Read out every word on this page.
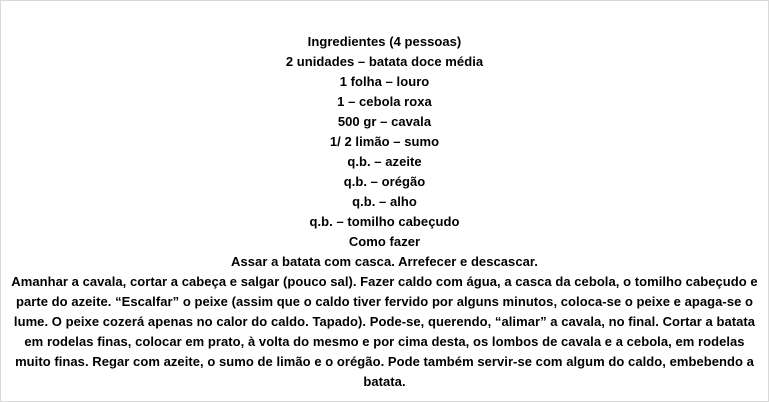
Ingredientes (4 pessoas)
2 unidades – batata doce média
1 folha – louro
1 – cebola roxa
500 gr – cavala
1/ 2 limão – sumo
q.b. – azeite
q.b. – orégão
q.b. – alho
q.b. – tomilho cabeçudo
Como fazer
Assar a batata com casca. Arrefecer e descascar.
Amanhar a cavala, cortar a cabeça e salgar (pouco sal). Fazer caldo com água, a casca da cebola, o tomilho cabeçudo e parte do azeite. “Escalfar” o peixe (assim que o caldo tiver fervido por alguns minutos, coloca-se o peixe e apaga-se o lume. O peixe cozerá apenas no calor do caldo. Tapado). Pode-se, querendo, “alimar” a cavala, no final. Cortar a batata em rodelas finas, colocar em prato, à volta do mesmo e por cima desta, os lombos de cavala e a cebola, em rodelas muito finas. Regar com azeite, o sumo de limão e o orégão. Pode também servir-se com algum do caldo, embebendo a batata.
